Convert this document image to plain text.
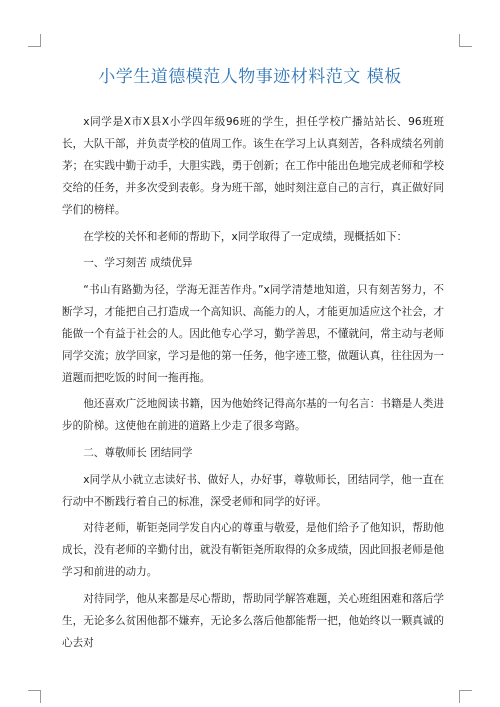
小学生道德模范人物事迹材料范文 模板

x同学是X市X县X小学四年级96班的学生，担任学校广播站站长、96班班长，大队干部，并负责学校的值周工作。该生在学习上认真刻苦，各科成绩名列前茅；在实践中勤于动手，大胆实践，勇于创新；在工作中能出色地完成老师和学校交给的任务，并多次受到表彰。身为班干部，她时刻注意自己的言行，真正做好同学们的榜样。

在学校的关怀和老师的帮助下，x同学取得了一定成绩，现概括如下：

一、学习刻苦 成绩优异

“书山有路勤为径，学海无涯苦作舟。”x同学清楚地知道，只有刻苦努力，不断学习，才能把自己打造成一个高知识、高能力的人，才能更加适应这个社会，才能做一个有益于社会的人。因此他专心学习，勤学善思，不懂就问，常主动与老师同学交流；放学回家，学习是他的第一任务，他字迹工整，做题认真，往往因为一道题而把吃饭的时间一拖再拖。

他还喜欢广泛地阅读书籍，因为他始终记得高尔基的一句名言：书籍是人类进步的阶梯。这使他在前进的道路上少走了很多弯路。

二、尊敬师长 团结同学

x同学从小就立志读好书、做好人，办好事，尊敬师长，团结同学，他一直在行动中不断践行着自己的标准，深受老师和同学的好评。

对待老师，靳钜尧同学发自内心的尊重与敬爱，是他们给予了他知识，帮助他成长，没有老师的辛勤付出，就没有靳钜尧所取得的众多成绩，因此回报老师是他学习和前进的动力。

对待同学，他从来都是尽心帮助，帮助同学解答难题，关心班组困难和落后学生，无论多么贫困他都不嫌弃，无论多么落后他都能帮一把，他始终以一颗真诚的心去对
